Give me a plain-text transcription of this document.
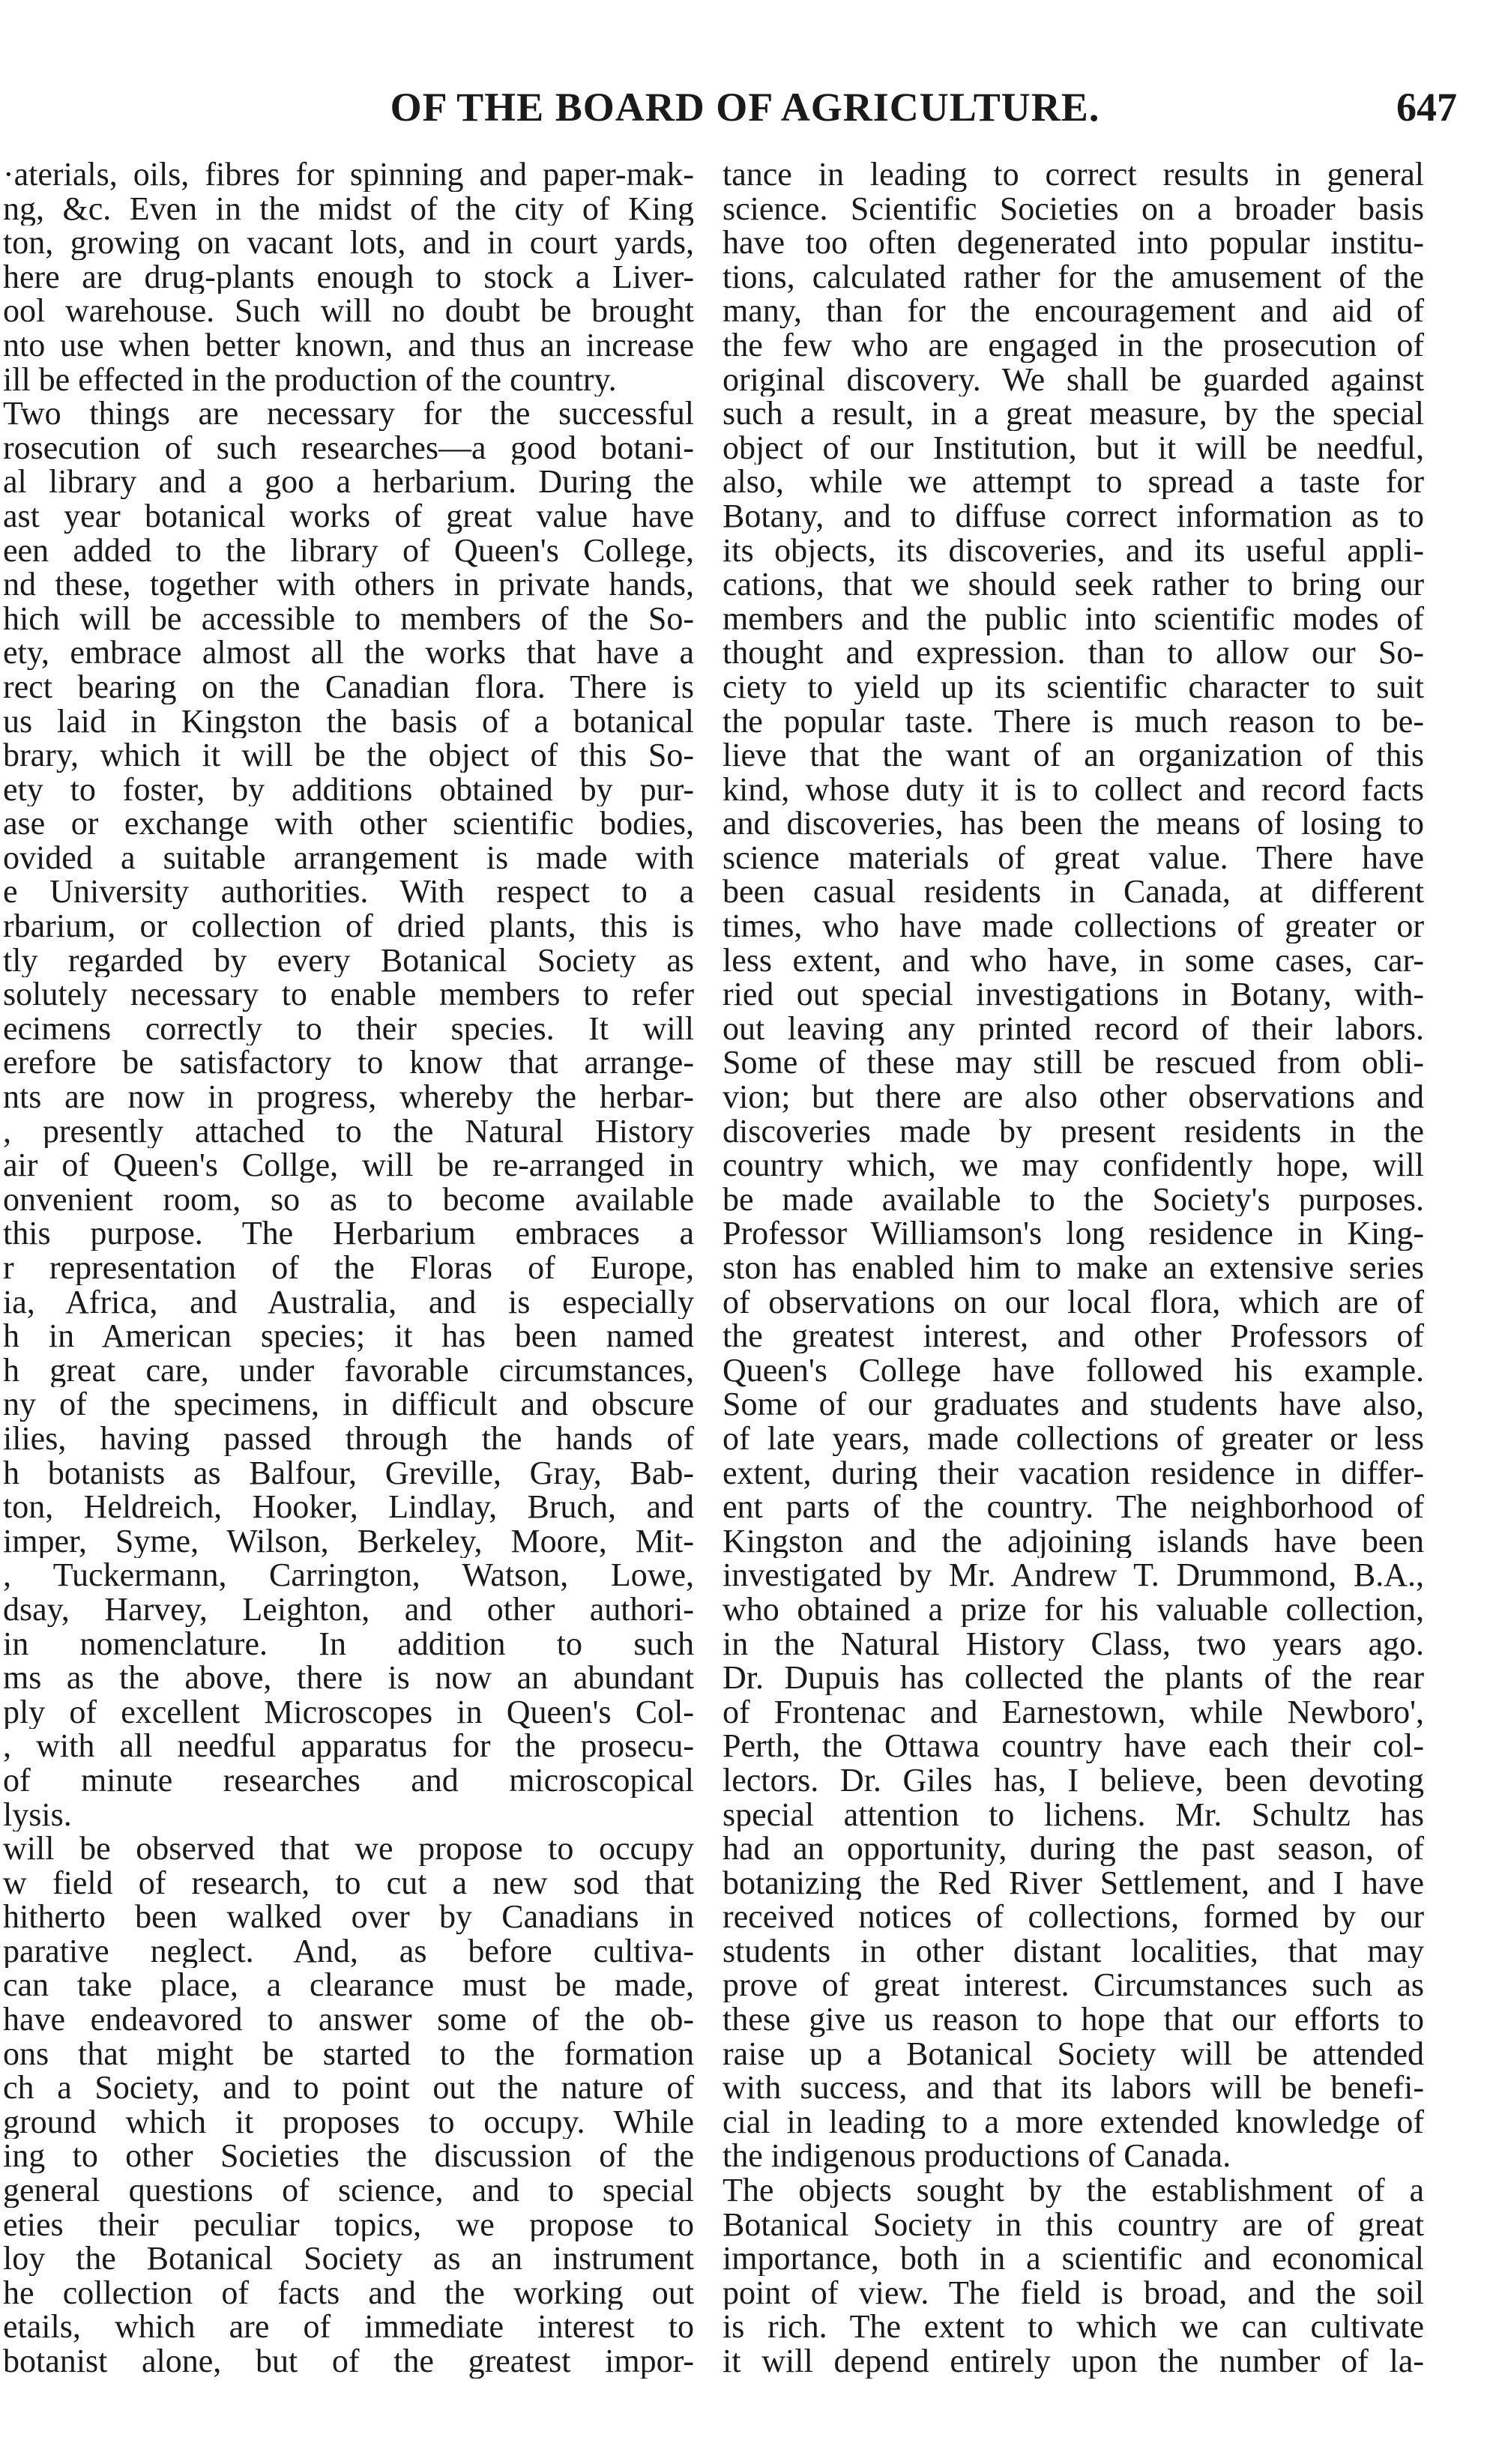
OF THE BOARD OF AGRICULTURE.	647
·aterials, oils, fibres for spinning and paper-mak-
ng, &c. Even in the midst of the city of King
ton, growing on vacant lots, and in court yards,
here are drug-plants enough to stock a Liver-
ool warehouse. Such will no doubt be brought
nto use when better known, and thus an increase
ill be effected in the production of the country.
Two things are necessary for the successful
rosecution of such researches—a good botani-
al library and a goo a herbarium. During the
ast year botanical works of great value have
een added to the library of Queen's College,
nd these, together with others in private hands,
hich will be accessible to members of the So-
ety, embrace almost all the works that have a
rect bearing on the Canadian flora. There is
us laid in Kingston the basis of a botanical
brary, which it will be the object of this So-
ety to foster, by additions obtained by pur-
ase or exchange with other scientific bodies,
ovided a suitable arrangement is made with
e University authorities. With respect to a
rbarium, or collection of dried plants, this is
tly regarded by every Botanical Society as
solutely necessary to enable members to refer
ecimens correctly to their species. It will
erefore be satisfactory to know that arrange-
nts are now in progress, whereby the herbar-
, presently attached to the Natural History
air of Queen's Collge, will be re-arranged in
onvenient room, so as to become available
this purpose. The Herbarium embraces a
r representation of the Floras of Europe,
ia, Africa, and Australia, and is especially
h in American species; it has been named
h great care, under favorable circumstances,
ny of the specimens, in difficult and obscure
ilies, having passed through the hands of
h botanists as Balfour, Greville, Gray, Bab-
ton, Heldreich, Hooker, Lindlay, Bruch, and
imper, Syme, Wilson, Berkeley, Moore, Mit-
, Tuckermann, Carrington, Watson, Lowe,
dsay, Harvey, Leighton, and other authori-
in nomenclature. In addition to such
ms as the above, there is now an abundant
ply of excellent Microscopes in Queen's Col-
, with all needful apparatus for the prosecu-
of minute researches and microscopical
lysis.
will be observed that we propose to occupy
w field of research, to cut a new sod that
hitherto been walked over by Canadians in
parative neglect. And, as before cultiva-
can take place, a clearance must be made,
have endeavored to answer some of the ob-
ons that might be started to the formation
ch a Society, and to point out the nature of
ground which it proposes to occupy. While
ing to other Societies the discussion of the
general questions of science, and to special
eties their peculiar topics, we propose to
loy the Botanical Society as an instrument
he collection of facts and the working out
etails, which are of immediate interest to
botanist alone, but of the greatest impor-
tance in leading to correct results in general
science. Scientific Societies on a broader basis
have too often degenerated into popular institu-
tions, calculated rather for the amusement of the
many, than for the encouragement and aid of
the few who are engaged in the prosecution of
original discovery. We shall be guarded against
such a result, in a great measure, by the special
object of our Institution, but it will be needful,
also, while we attempt to spread a taste for
Botany, and to diffuse correct information as to
its objects, its discoveries, and its useful appli-
cations, that we should seek rather to bring our
members and the public into scientific modes of
thought and expression. than to allow our So-
ciety to yield up its scientific character to suit
the popular taste. There is much reason to be-
lieve that the want of an organization of this
kind, whose duty it is to collect and record facts
and discoveries, has been the means of losing to
science materials of great value. There have
been casual residents in Canada, at different
times, who have made collections of greater or
less extent, and who have, in some cases, car-
ried out special investigations in Botany, with-
out leaving any printed record of their labors.
Some of these may still be rescued from obli-
vion; but there are also other observations and
discoveries made by present residents in the
country which, we may confidently hope, will
be made available to the Society's purposes.
Professor Williamson's long residence in King-
ston has enabled him to make an extensive series
of observations on our local flora, which are of
the greatest interest, and other Professors of
Queen's College have followed his example.
Some of our graduates and students have also,
of late years, made collections of greater or less
extent, during their vacation residence in differ-
ent parts of the country. The neighborhood of
Kingston and the adjoining islands have been
investigated by Mr. Andrew T. Drummond, B.A.,
who obtained a prize for his valuable collection,
in the Natural History Class, two years ago.
Dr. Dupuis has collected the plants of the rear
of Frontenac and Earnestown, while Newboro',
Perth, the Ottawa country have each their col-
lectors. Dr. Giles has, I believe, been devoting
special attention to lichens. Mr. Schultz has
had an opportunity, during the past season, of
botanizing the Red River Settlement, and I have
received notices of collections, formed by our
students in other distant localities, that may
prove of great interest. Circumstances such as
these give us reason to hope that our efforts to
raise up a Botanical Society will be attended
with success, and that its labors will be benefi-
cial in leading to a more extended knowledge of
the indigenous productions of Canada.
The objects sought by the establishment of a
Botanical Society in this country are of great
importance, both in a scientific and economical
point of view. The field is broad, and the soil
is rich. The extent to which we can cultivate
it will depend entirely upon the number of la-
